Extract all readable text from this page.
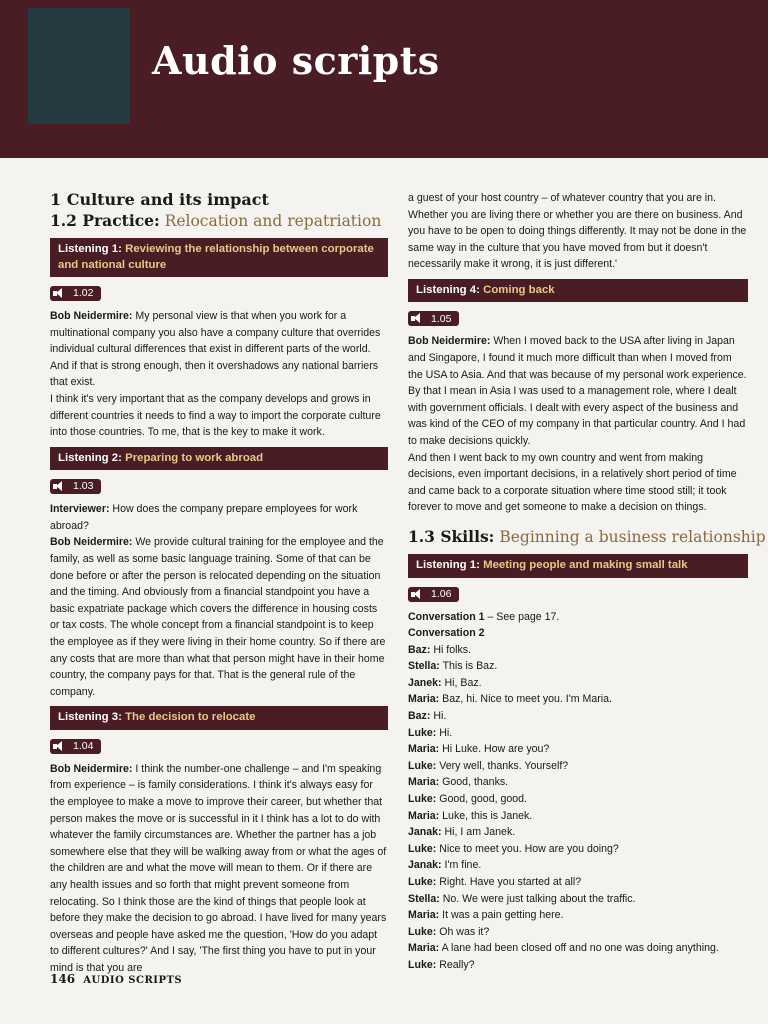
Audio scripts
1 Culture and its impact
1.2 Practice: Relocation and repatriation
Listening 1: Reviewing the relationship between corporate and national culture
1.02

Bob Neidermire: My personal view is that when you work for a multinational company you also have a company culture that overrides individual cultural differences that exist in different parts of the world. And if that is strong enough, then it overshadows any national barriers that exist.

I think it's very important that as the company develops and grows in different countries it needs to find a way to import the corporate culture into those countries. To me, that is the key to make it work.

Listening 2: Preparing to work abroad
1.03

Interviewer: How does the company prepare employees for work abroad?

Bob Neidermire: We provide cultural training for the employee and the family, as well as some basic language training. Some of that can be done before or after the person is relocated depending on the situation and the timing. And obviously from a financial standpoint you have a basic expatriate package which covers the difference in housing costs or tax costs. The whole concept from a financial standpoint is to keep the employee as if they were living in their home country. So if there are any costs that are more than what that person might have in their home country, the company pays for that. That is the general rule of the company.

Listening 3: The decision to relocate
1.04

Bob Neidermire: I think the number-one challenge – and I'm speaking from experience – is family considerations. I think it's always easy for the employee to make a move to improve their career, but whether that person makes the move or is successful in it I think has a lot to do with whatever the family circumstances are. Whether the partner has a job somewhere else that they will be walking away from or what the ages of the children are and what the move will mean to them. Or if there are any health issues and so forth that might prevent someone from relocating. So I think those are the kind of things that people look at before they make the decision to go abroad. I have lived for many years overseas and people have asked me the question, 'How do you adapt to different cultures?' And I say, 'The first thing you have to put in your mind is that you are

a guest of your host country – of whatever country that you are in. Whether you are living there or whether you are there on business. And you have to be open to doing things differently. It may not be done in the same way in the culture that you have moved from but it doesn't necessarily make it wrong, it is just different.'

Listening 4: Coming back
1.05

Bob Neidermire: When I moved back to the USA after living in Japan and Singapore, I found it much more difficult than when I moved from the USA to Asia. And that was because of my personal work experience. By that I mean in Asia I was used to a management role, where I dealt with government officials. I dealt with every aspect of the business and was kind of the CEO of my company in that particular country. And I had to make decisions quickly.

And then I went back to my own country and went from making decisions, even important decisions, in a relatively short period of time and came back to a corporate situation where time stood still; it took forever to move and get someone to make a decision on things.

1.3 Skills: Beginning a business relationship
Listening 1: Meeting people and making small talk
1.06

Conversation 1 – See page 17.

Conversation 2

Baz: Hi folks.

Stella: This is Baz.

Janek: Hi, Baz.

Maria: Baz, hi. Nice to meet you. I'm Maria.

Baz: Hi.

Luke: Hi.

Maria: Hi Luke. How are you?

Luke: Very well, thanks. Yourself?

Maria: Good, thanks.

Luke: Good, good, good.

Maria: Luke, this is Janek.

Janak: Hi, I am Janek.

Luke: Nice to meet you. How are you doing?

Janak: I'm fine.

Luke: Right. Have you started at all?

Stella: No. We were just talking about the traffic.

Maria: It was a pain getting here.

Luke: Oh was it?

Maria: A lane had been closed off and no one was doing anything.

Luke: Really?

146 AUDIO SCRIPTS
